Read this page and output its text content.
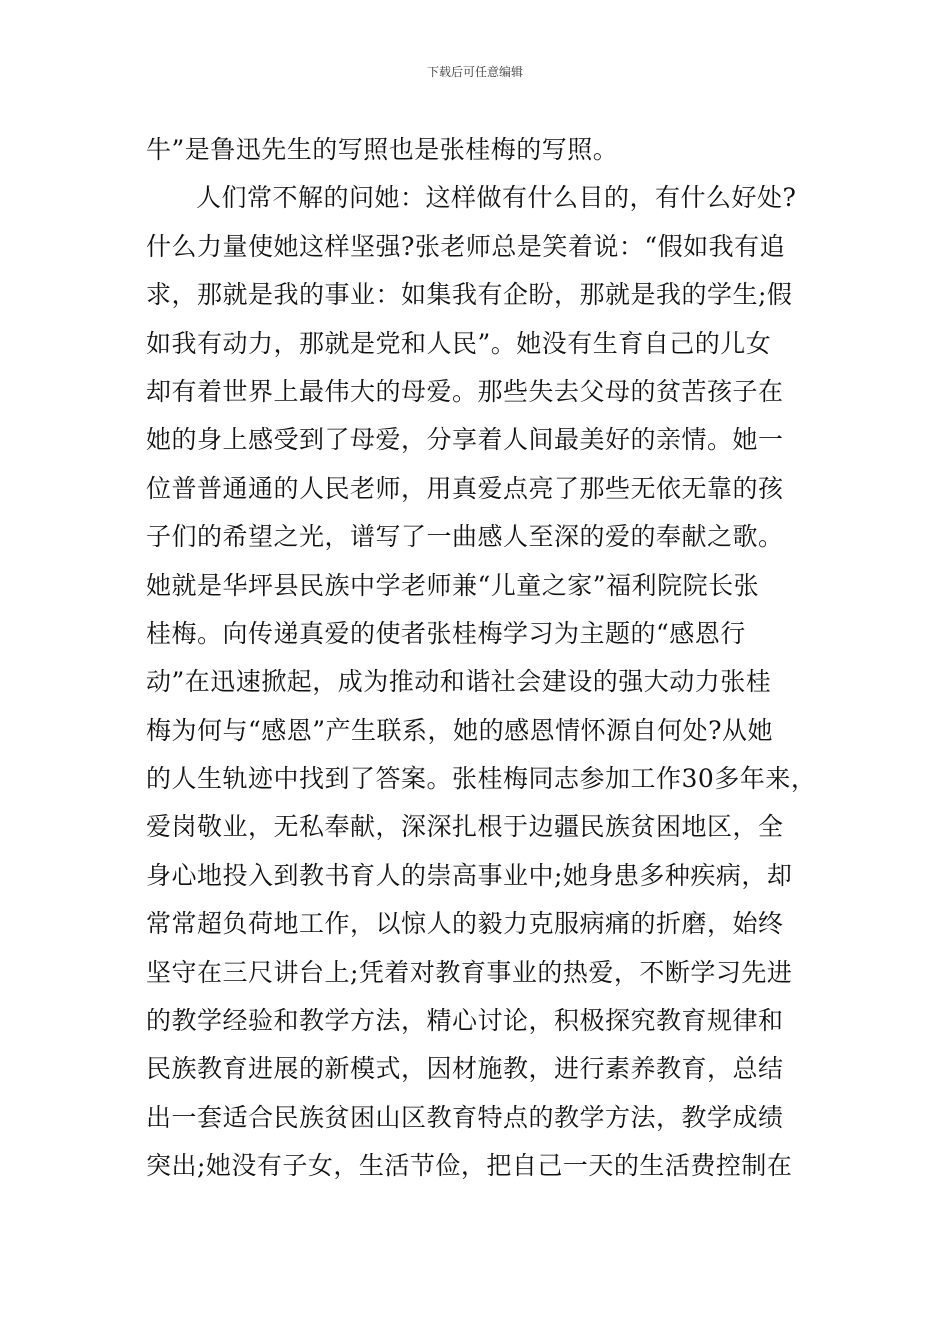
下载后可任意编辑
牛”是鲁迅先生的写照也是张桂梅的写照。
人们常不解的问她：这样做有什么目的，有什么好处?
什么力量使她这样坚强?张老师总是笑着说：“假如我有追
求，那就是我的事业：如集我有企盼，那就是我的学生;假
如我有动力，那就是党和人民”。她没有生育自己的儿女
却有着世界上最伟大的母爱。那些失去父母的贫苦孩子在
她的身上感受到了母爱，分享着人间最美好的亲情。她一
位普普通通的人民老师，用真爱点亮了那些无依无靠的孩
子们的希望之光，谱写了一曲感人至深的爱的奉献之歌。
她就是华坪县民族中学老师兼“儿童之家”福利院院长张
桂梅。向传递真爱的使者张桂梅学习为主题的“感恩行
动”在迅速掀起，成为推动和谐社会建设的强大动力张桂
梅为何与“感恩”产生联系，她的感恩情怀源自何处?从她
的人生轨迹中找到了答案。张桂梅同志参加工作30多年来，
爱岗敬业，无私奉献，深深扎根于边疆民族贫困地区，全
身心地投入到教书育人的崇高事业中;她身患多种疾病，却
常常超负荷地工作，以惊人的毅力克服病痛的折磨，始终
坚守在三尺讲台上;凭着对教育事业的热爱，不断学习先进
的教学经验和教学方法，精心讨论，积极探究教育规律和
民族教育进展的新模式，因材施教，进行素养教育，总结
出一套适合民族贫困山区教育特点的教学方法，教学成绩
突出;她没有子女，生活节俭，把自己一天的生活费控制在
